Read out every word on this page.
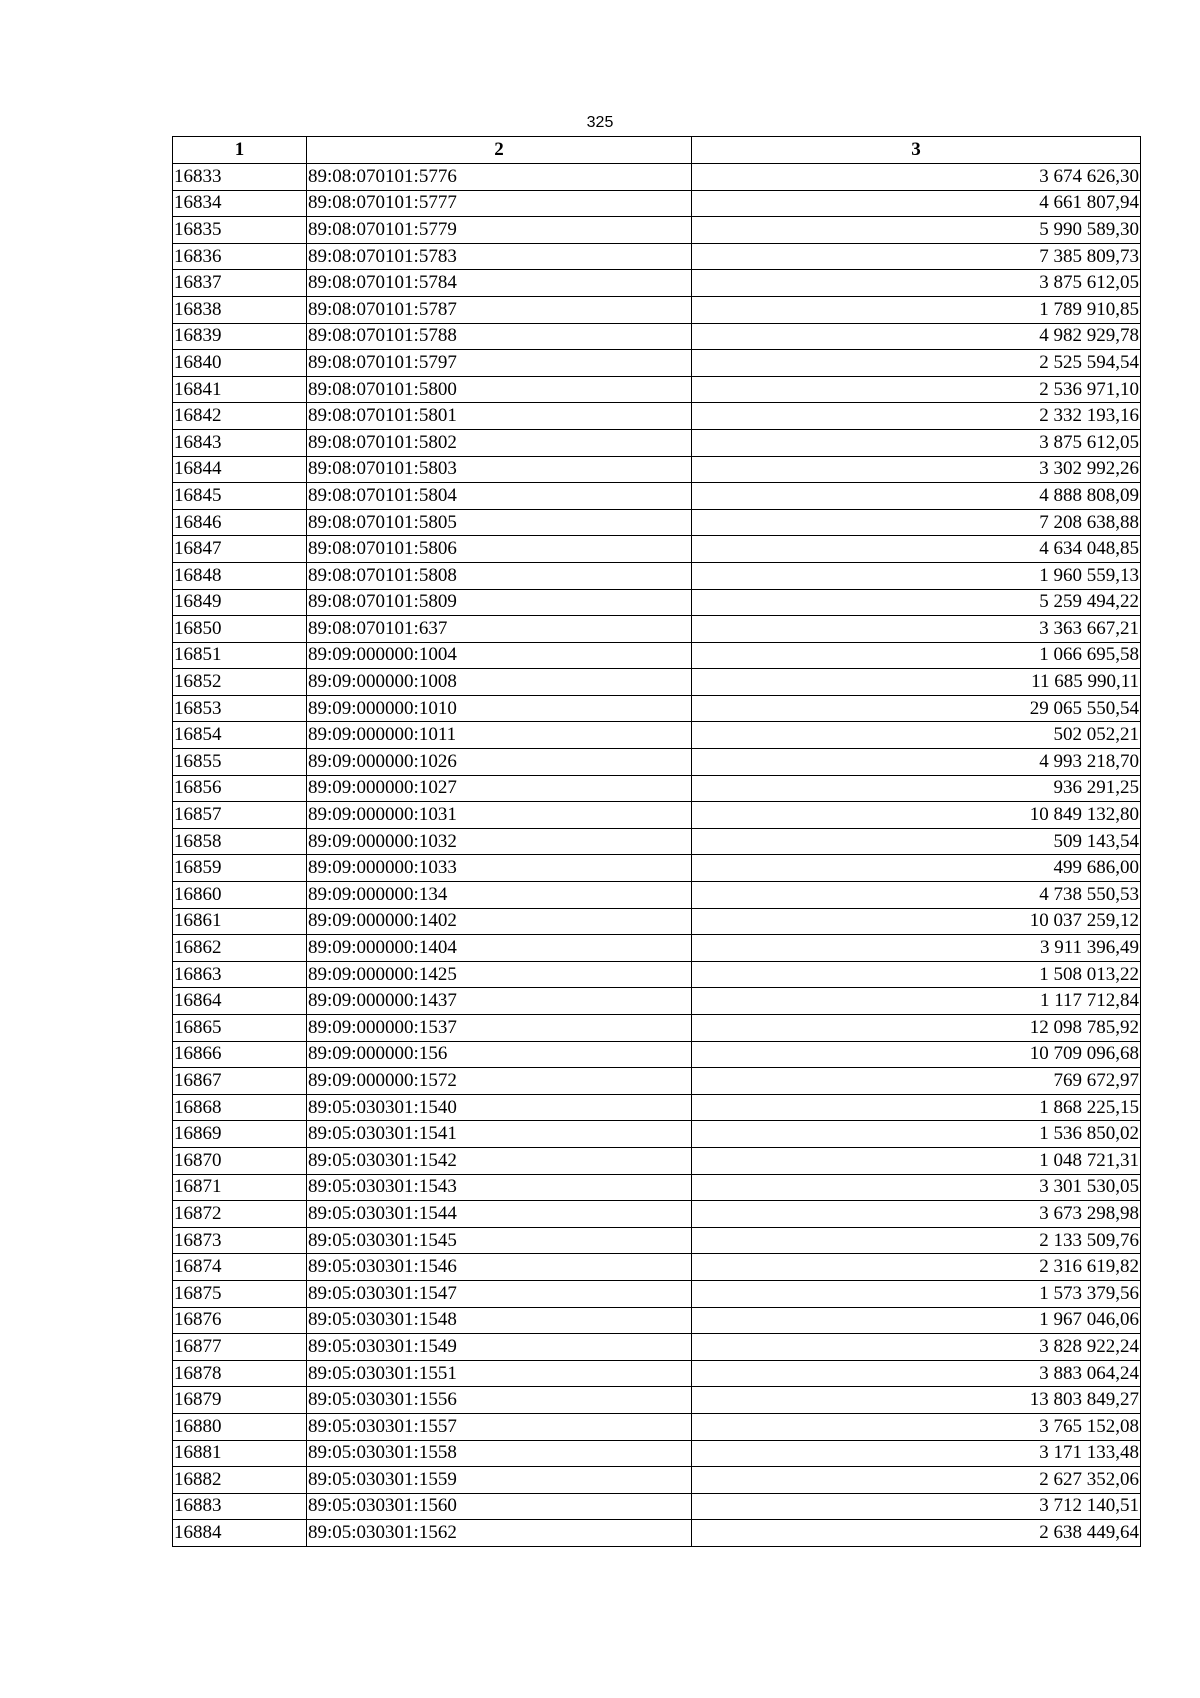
325
1	2	3
16833	89:08:070101:5776	3 674 626,30
16834	89:08:070101:5777	4 661 807,94
16835	89:08:070101:5779	5 990 589,30
16836	89:08:070101:5783	7 385 809,73
16837	89:08:070101:5784	3 875 612,05
16838	89:08:070101:5787	1 789 910,85
16839	89:08:070101:5788	4 982 929,78
16840	89:08:070101:5797	2 525 594,54
16841	89:08:070101:5800	2 536 971,10
16842	89:08:070101:5801	2 332 193,16
16843	89:08:070101:5802	3 875 612,05
16844	89:08:070101:5803	3 302 992,26
16845	89:08:070101:5804	4 888 808,09
16846	89:08:070101:5805	7 208 638,88
16847	89:08:070101:5806	4 634 048,85
16848	89:08:070101:5808	1 960 559,13
16849	89:08:070101:5809	5 259 494,22
16850	89:08:070101:637	3 363 667,21
16851	89:09:000000:1004	1 066 695,58
16852	89:09:000000:1008	11 685 990,11
16853	89:09:000000:1010	29 065 550,54
16854	89:09:000000:1011	502 052,21
16855	89:09:000000:1026	4 993 218,70
16856	89:09:000000:1027	936 291,25
16857	89:09:000000:1031	10 849 132,80
16858	89:09:000000:1032	509 143,54
16859	89:09:000000:1033	499 686,00
16860	89:09:000000:134	4 738 550,53
16861	89:09:000000:1402	10 037 259,12
16862	89:09:000000:1404	3 911 396,49
16863	89:09:000000:1425	1 508 013,22
16864	89:09:000000:1437	1 117 712,84
16865	89:09:000000:1537	12 098 785,92
16866	89:09:000000:156	10 709 096,68
16867	89:09:000000:1572	769 672,97
16868	89:05:030301:1540	1 868 225,15
16869	89:05:030301:1541	1 536 850,02
16870	89:05:030301:1542	1 048 721,31
16871	89:05:030301:1543	3 301 530,05
16872	89:05:030301:1544	3 673 298,98
16873	89:05:030301:1545	2 133 509,76
16874	89:05:030301:1546	2 316 619,82
16875	89:05:030301:1547	1 573 379,56
16876	89:05:030301:1548	1 967 046,06
16877	89:05:030301:1549	3 828 922,24
16878	89:05:030301:1551	3 883 064,24
16879	89:05:030301:1556	13 803 849,27
16880	89:05:030301:1557	3 765 152,08
16881	89:05:030301:1558	3 171 133,48
16882	89:05:030301:1559	2 627 352,06
16883	89:05:030301:1560	3 712 140,51
16884	89:05:030301:1562	2 638 449,64
